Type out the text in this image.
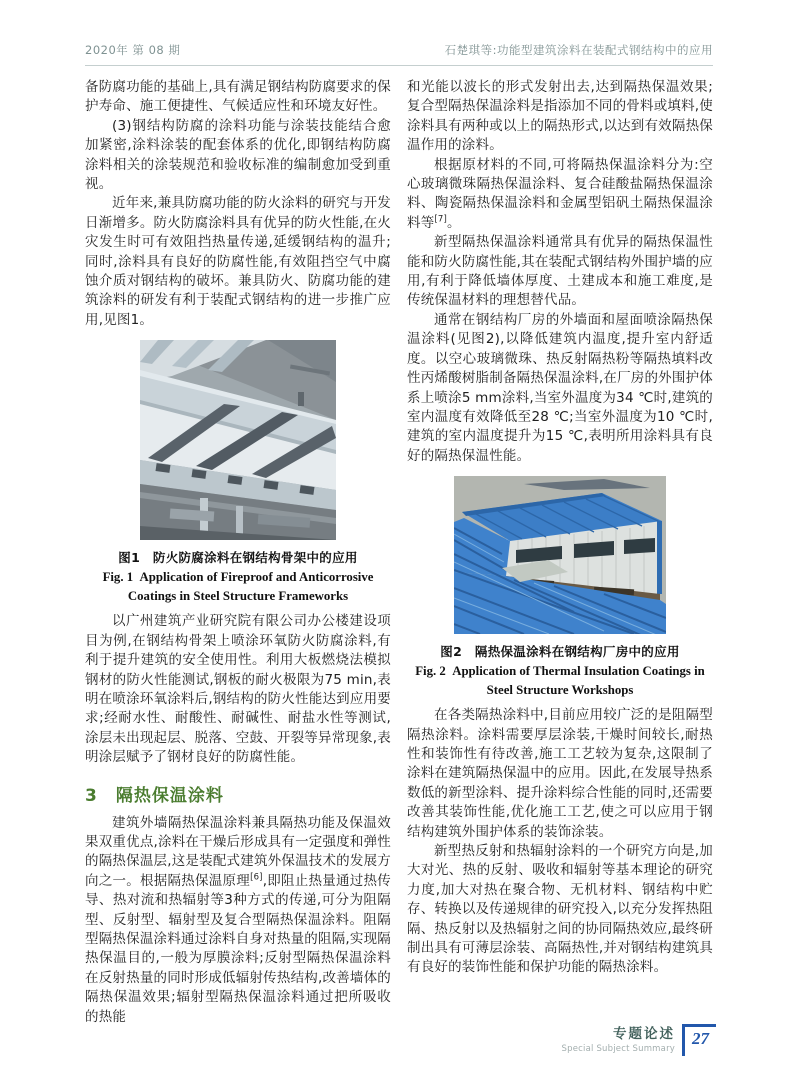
2020年 第 08 期	石楚琪等:功能型建筑涂料在装配式钢结构中的应用

备防腐功能的基础上,具有满足钢结构防腐要求的保护寿命、施工便捷性、气候适应性和环境友好性。

(3)钢结构防腐的涂料功能与涂装技能结合愈加紧密,涂料涂装的配套体系的优化,即钢结构防腐涂料相关的涂装规范和验收标准的编制愈加受到重视。

近年来,兼具防腐功能的防火涂料的研究与开发日渐增多。防火防腐涂料具有优异的防火性能,在火灾发生时可有效阻挡热量传递,延缓钢结构的温升;同时,涂料具有良好的防腐性能,有效阻挡空气中腐蚀介质对钢结构的破坏。兼具防火、防腐功能的建筑涂料的研发有利于装配式钢结构的进一步推广应用,见图1。

图1　防火防腐涂料在钢结构骨架中的应用
Fig. 1 Application of Fireproof and Anticorrosive
Coatings in Steel Structure Frameworks

以广州建筑产业研究院有限公司办公楼建设项目为例,在钢结构骨架上喷涂环氧防火防腐涂料,有利于提升建筑的安全使用性。利用大板燃烧法模拟钢材的防火性能测试,钢板的耐火极限为75 min,表明在喷涂环氧涂料后,钢结构的防火性能达到应用要求;经耐水性、耐酸性、耐碱性、耐盐水性等测试,涂层未出现起层、脱落、空鼓、开裂等异常现象,表明涂层赋予了钢材良好的防腐性能。

3　隔热保温涂料

建筑外墙隔热保温涂料兼具隔热功能及保温效果双重优点,涂料在干燥后形成具有一定强度和弹性的隔热保温层,这是装配式建筑外保温技术的发展方向之一。根据隔热保温原理[6],即阻止热量通过热传导、热对流和热辐射等3种方式的传递,可分为阻隔型、反射型、辐射型及复合型隔热保温涂料。阻隔型隔热保温涂料通过涂料自身对热量的阻隔,实现隔热保温目的,一般为厚膜涂料;反射型隔热保温涂料在反射热量的同时形成低辐射传热结构,改善墙体的隔热保温效果;辐射型隔热保温涂料通过把所吸收的热能

和光能以波长的形式发射出去,达到隔热保温效果;复合型隔热保温涂料是指添加不同的骨料或填料,使涂料具有两种或以上的隔热形式,以达到有效隔热保温作用的涂料。

根据原材料的不同,可将隔热保温涂料分为:空心玻璃微珠隔热保温涂料、复合硅酸盐隔热保温涂料、陶瓷隔热保温涂料和金属型铝矾土隔热保温涂料等[7]。

新型隔热保温涂料通常具有优异的隔热保温性能和防火防腐性能,其在装配式钢结构外围护墙的应用,有利于降低墙体厚度、土建成本和施工难度,是传统保温材料的理想替代品。

通常在钢结构厂房的外墙面和屋面喷涂隔热保温涂料(见图2),以降低建筑内温度,提升室内舒适度。以空心玻璃微珠、热反射隔热粉等隔热填料改性丙烯酸树脂制备隔热保温涂料,在厂房的外围护体系上喷涂5 mm涂料,当室外温度为34 ℃时,建筑的室内温度有效降低至28 ℃;当室外温度为10 ℃时,建筑的室内温度提升为15 ℃,表明所用涂料具有良好的隔热保温性能。

图2　隔热保温涂料在钢结构厂房中的应用
Fig. 2 Application of Thermal Insulation Coatings in
Steel Structure Workshops

在各类隔热涂料中,目前应用较广泛的是阻隔型隔热涂料。涂料需要厚层涂装,干燥时间较长,耐热性和装饰性有待改善,施工工艺较为复杂,这限制了涂料在建筑隔热保温中的应用。因此,在发展导热系数低的新型涂料、提升涂料综合性能的同时,还需要改善其装饰性能,优化施工工艺,使之可以应用于钢结构建筑外围护体系的装饰涂装。

新型热反射和热辐射涂料的一个研究方向是,加大对光、热的反射、吸收和辐射等基本理论的研究力度,加大对热在聚合物、无机材料、钢结构中贮存、转换以及传递规律的研究投入,以充分发挥热阻隔、热反射以及热辐射之间的协同隔热效应,最终研制出具有可薄层涂装、高隔热性,并对钢结构建筑具有良好的装饰性能和保护功能的隔热涂料。

专题论述
Special Subject Summary
27
